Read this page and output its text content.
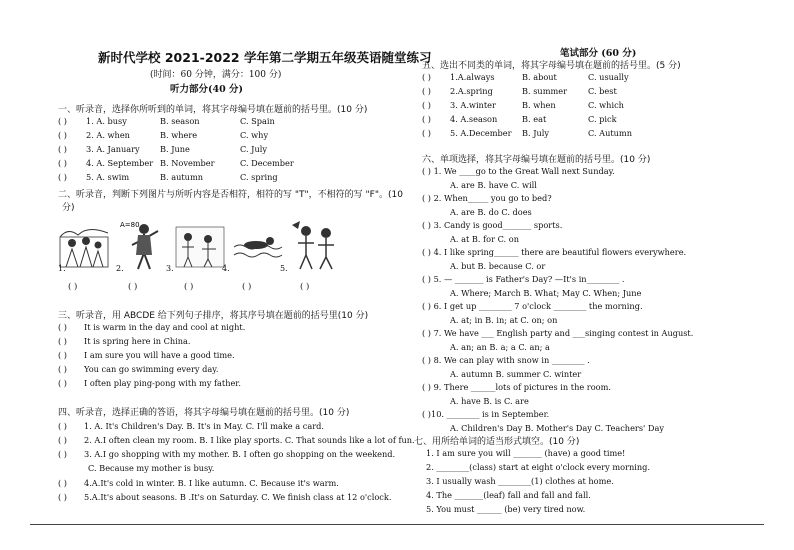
新时代学校 2021-2022 学年第二学期五年级英语随堂练习
(时间：60 分钟，满分：100 分)
听力部分(40 分)
笔试部分 (60 分)
一、听录音，选择你所听到的单词，将其字母编号填在题前的括号里。(10 分)
( )	1. A. busy	B. season	C. Spain
( )	2. A. when	B. where	C. why
( )	3. A. January	B. June	C. July
( )	4. A. September B. November	C. December
( )	5. A. swim	B. autumn	C. spring
二、听录音，判断下列图片与所听内容是否相符，相符的写 "T"，不相符的写 "F"。(10
分)
A=80
1.	2.	3.	4.	5.
( )	( )	( )	( )	( )
三、听录音，用 ABCDE 给下列句子排序，将其序号填在题前的括号里(10 分)
( )	It is warm in the day and cool at night.
( )	It is spring here in China.
( )	I am sure you will have a good time.
( )	You can go swimming every day.
( )	I often play ping-pong with my father.
四、听录音，选择正确的答语，将其字母编号填在题前的括号里。(10 分)
( )	1. A. It's Children's Day. B. It's in May. C. I'll make a card.
( )	2. A.I often clean my room. B. I like play sports. C. That sounds like a lot of fun.
( )	3. A.I go shopping with my mother. B. I often go shopping on the weekend.
C. Because my mother is busy.
( )	4.A.It's cold in winter. B. I like autumn. C. Because it's warm.
( )	5.A.It's about seasons. B .It's on Saturday. C. We finish class at 12 o'clock.
五、选出不同类的单词，将其字母编号填在题前的括号里。(5 分)
( )	1.A.always	B. about	C. usually
( )	2.A.spring	B. summer	C. best
( )	3. A.winter	B. when	C. which
( )	4. A.season	B. eat	C. pick
( )	5. A.December	B. July	C. Autumn
六、单项选择，将其字母编号填在题前的括号里。(10 分)
( ) 1. We ____go to the Great Wall next Sunday.
A. are B. have C. will
( ) 2. When_____ you go to bed?
A. are B. do C. does
( ) 3. Candy is good_______ sports.
A. at B. for C. on
( ) 4. I like spring______ there are beautiful flowers everywhere.
A. but B. because C. or
( ) 5. — _______ is Father's Day? —It's in________ .
A. Where; March B. What; May C. When; June
( ) 6. I get up ________ 7 o'clock ________ the morning.
A. at; in B. in; at C. on; on
( ) 7. We have ___ English party and ___singing contest in August.
A. an; an B. a; a C. an; a
( ) 8. We can play with snow in ________ .
A. autumn B. summer C. winter
( ) 9. There ______lots of pictures in the room.
A. have B. is C. are
( )10. ________ is in September.
A. Children's Day B. Mother's Day C. Teachers' Day
七、用所给单词的适当形式填空。(10 分)
1. I am sure you will _______ (have) a good time!
2. ________(class) start at eight o'clock every morning.
3. I usually wash ________(1) clothes at home.
4. The _______(leaf) fall and fall and fall.
5. You must ______ (be) very tired now.
